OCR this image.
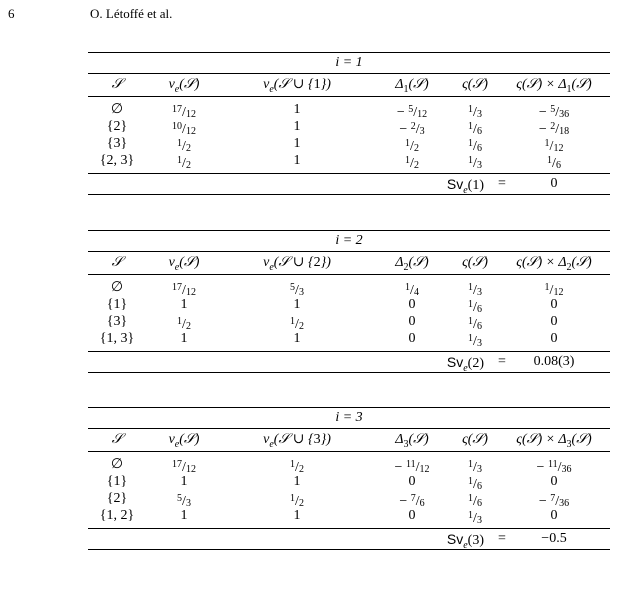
6	O. Létoffé et al.
i = 1
𝒮	$v_e(𝒮)$	$v_e(𝒮$ ∪ {1})	$\Delta_1(𝒮)$	ς(𝒮)	ς(𝒮) × $\Delta_1(𝒮)$
∅	$^{17}/_{12}$	1	− $^5/_{12}$	$^1/_3$	− $^5/_{36}$
{2}	$^{10}/_{12}$	1	− $^2/_3$	$^1/_6$	− $^2/_{18}$
{3}	$^1/_2$	1	$^1/_2$	$^1/_6$	$^1/_{12}$
{2, 3}	$^1/_2$	1	$^1/_2$	$^1/_3$	$^1/_6$
$Sv_e(1)$	=	0
i = 2
𝒮	$v_e(𝒮)$	$v_e(𝒮$ ∪ {2})	$\Delta_2(𝒮)$	ς(𝒮)	ς(𝒮) × $\Delta_2(𝒮)$
∅	$^{17}/_{12}$	$^5/_3$	$^1/_4$	$^1/_3$	$^1/_{12}$
{1}	1	1	0	$^1/_6$	0
{3}	$^1/_2$	$^1/_2$	0	$^1/_6$	0
{1, 3}	1	1	0	$^1/_3$	0
$Sv_e(2)$	=	0.08(3)
i = 3
𝒮	$v_e(𝒮)$	$v_e(𝒮$ ∪ {3})	$\Delta_3(𝒮)$	ς(𝒮)	ς(𝒮) × $\Delta_3(𝒮)$
∅	$^{17}/_{12}$	$^1/_2$	− $^{11}/_{12}$	$^1/_3$	− $^{11}/_{36}$
{1}	1	1	0	$^1/_6$	0
{2}	$^5/_3$	$^1/_2$	− $^7/_6$	$^1/_6$	− $^7/_{36}$
{1, 2}	1	1	0	$^1/_3$	0
$Sv_e(3)$	=	−0.5
